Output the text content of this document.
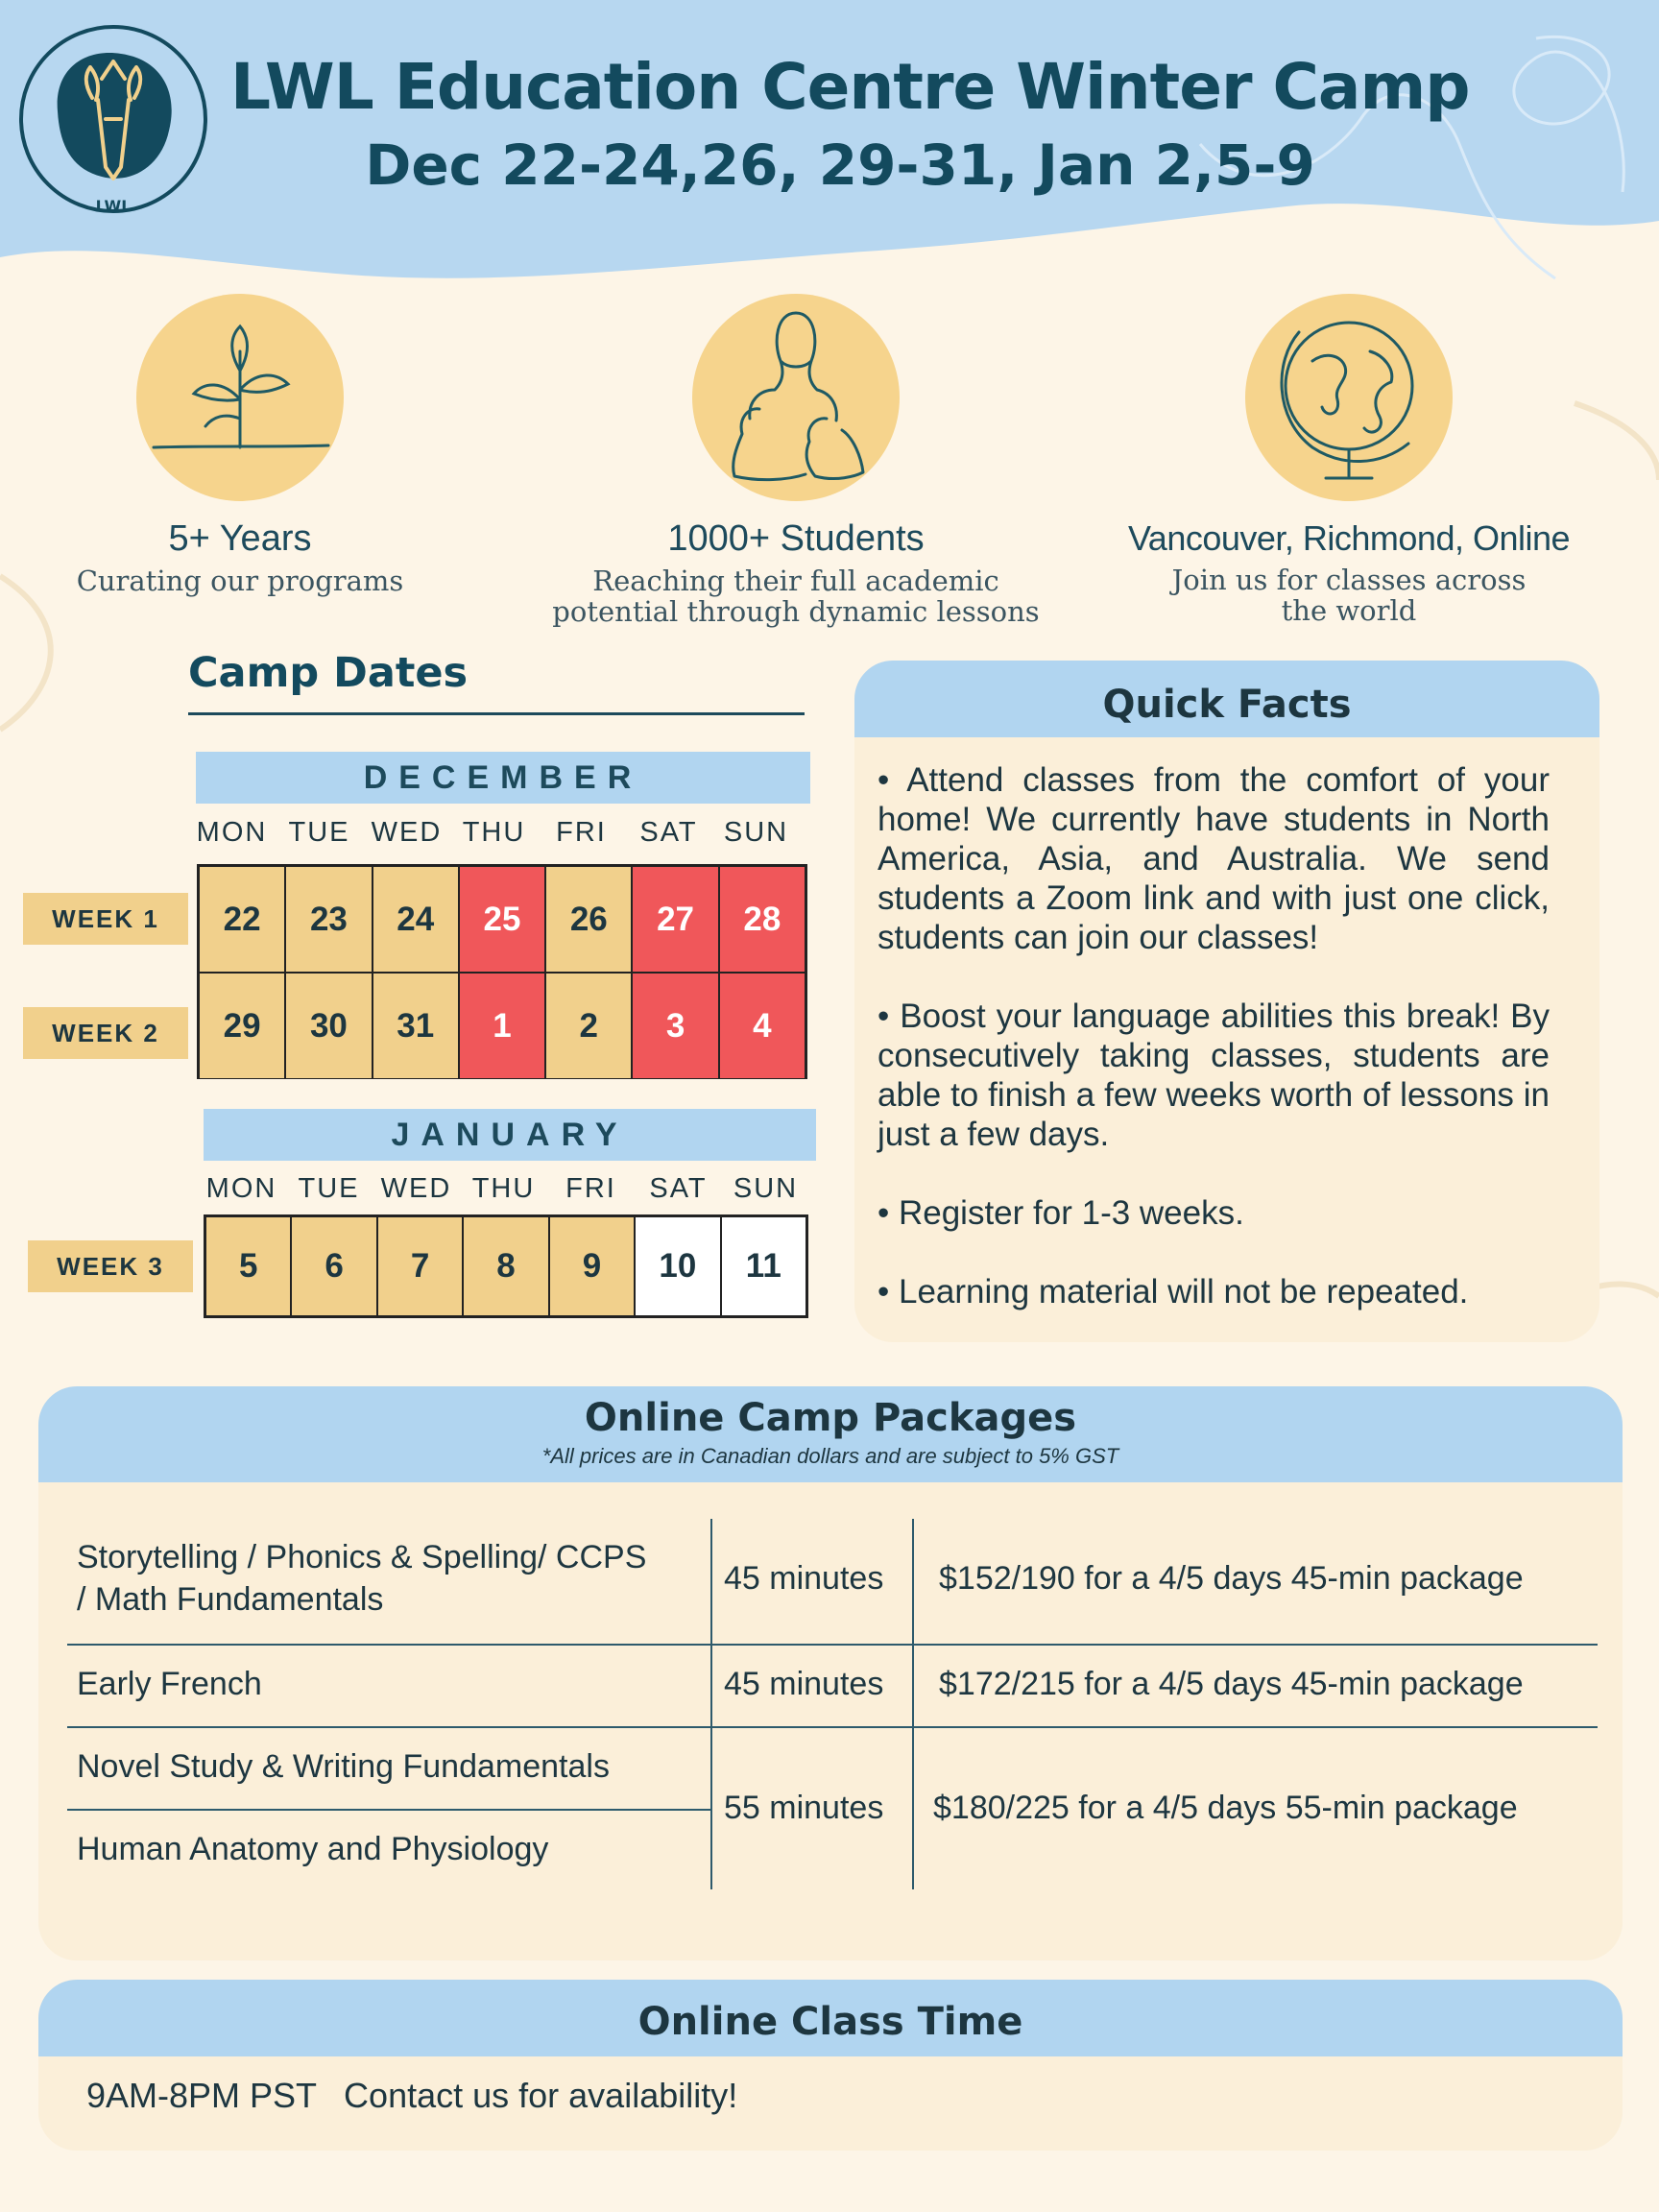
LWL
LWL Education Centre Winter Camp
Dec 22-24,26, 29-31, Jan 2,5-9
5+ Years
Curating our programs
1000+ Students
Reaching their full academic
potential through dynamic lessons
Vancouver, Richmond, Online
Join us for classes across
the world
Camp Dates
DECEMBER
MON TUE WED THU	FRI	SAT SUN
WEEK 1
WEEK 2
22	23	24	25	26	27	28
29	30	31	1	2	3	4
JANUARY
MON TUE WED THU	FRI	SAT SUN
WEEK 3	5	6	7	8	9	10	11
Quick Facts
• Attend classes from the comfort of your home! We currently have students in North America, Asia, and Australia. We send students a Zoom link and with just one click, students can join our classes!
• Boost your language abilities this break! By consecutively taking classes, students are able to finish a few weeks worth of lessons in just a few days.
• Register for 1-3 weeks.
• Learning material will not be repeated.
Online Camp Packages
*All prices are in Canadian dollars and are subject to 5% GST
Storytelling / Phonics & Spelling/ CCPS
/ Math Fundamentals
45 minutes $152/190 for a 4/5 days 45-min package
Early French	45 minutes $172/215 for a 4/5 days 45-min package
Novel Study & Writing Fundamentals
Human Anatomy and Physiology
55 minutes $180/225 for a 4/5 days 55-min package
Online Class Time
9AM-8PM PST Contact us for availability!
